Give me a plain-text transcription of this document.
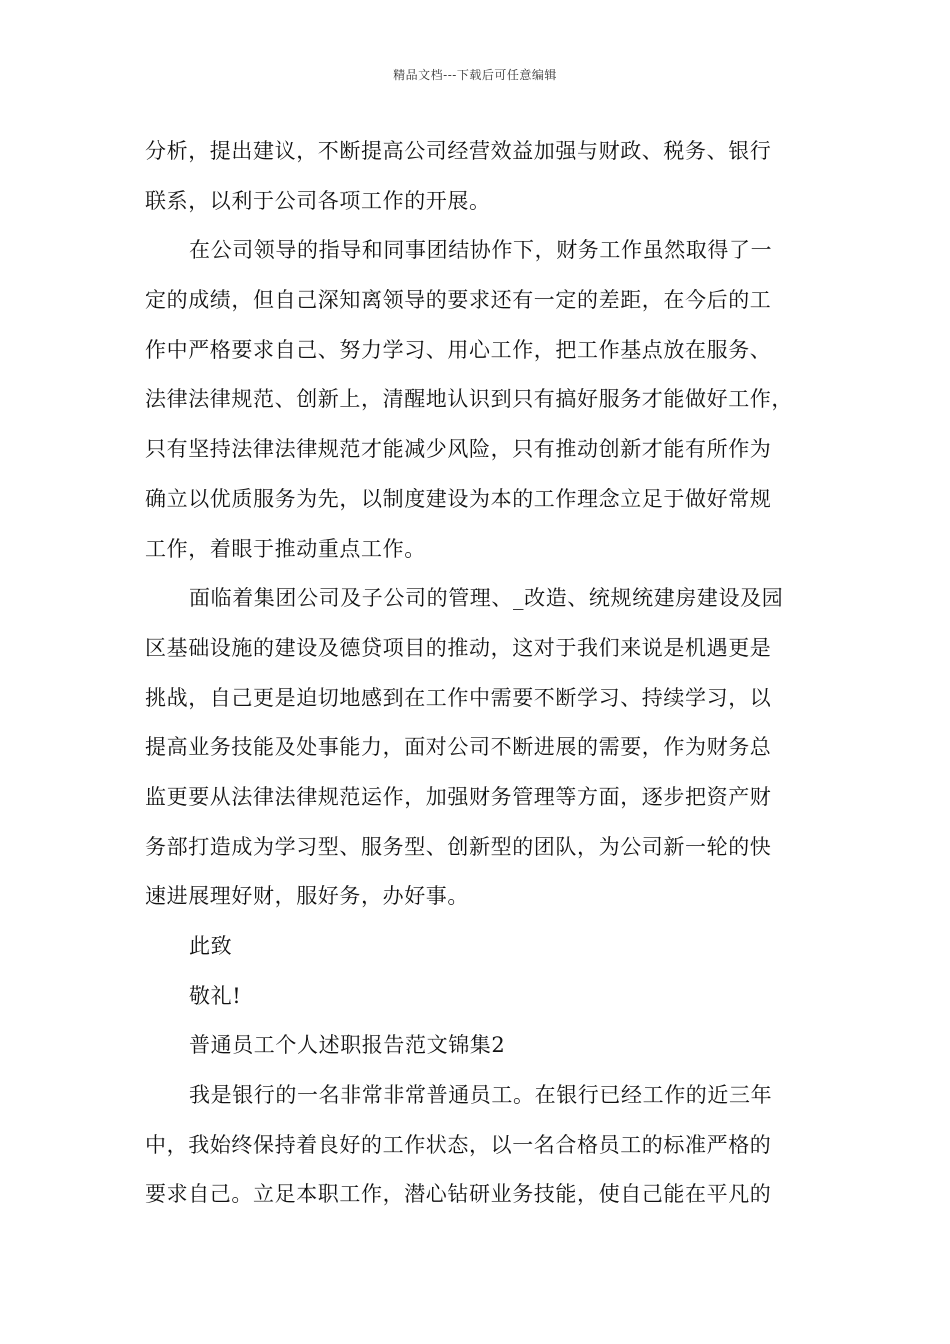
精品文档---下载后可任意编辑
分析，提出建议，不断提高公司经营效益加强与财政、税务、银行
联系，以利于公司各项工作的开展。
在公司领导的指导和同事团结协作下，财务工作虽然取得了一
定的成绩，但自己深知离领导的要求还有一定的差距，在今后的工
作中严格要求自己、努力学习、用心工作，把工作基点放在服务、
法律法律规范、创新上，清醒地认识到只有搞好服务才能做好工作，
只有坚持法律法律规范才能减少风险，只有推动创新才能有所作为
确立以优质服务为先，以制度建设为本的工作理念立足于做好常规
工作，着眼于推动重点工作。
面临着集团公司及子公司的管理、_改造、统规统建房建设及园
区基础设施的建设及德贷项目的推动，这对于我们来说是机遇更是
挑战，自己更是迫切地感到在工作中需要不断学习、持续学习，以
提高业务技能及处事能力，面对公司不断进展的需要，作为财务总
监更要从法律法律规范运作，加强财务管理等方面，逐步把资产财
务部打造成为学习型、服务型、创新型的团队，为公司新一轮的快
速进展理好财，服好务，办好事。
此致
敬礼!
普通员工个人述职报告范文锦集2
我是银行的一名非常非常普通员工。在银行已经工作的近三年
中，我始终保持着良好的工作状态，以一名合格员工的标准严格的
要求自己。立足本职工作，潜心钻研业务技能，使自己能在平凡的
